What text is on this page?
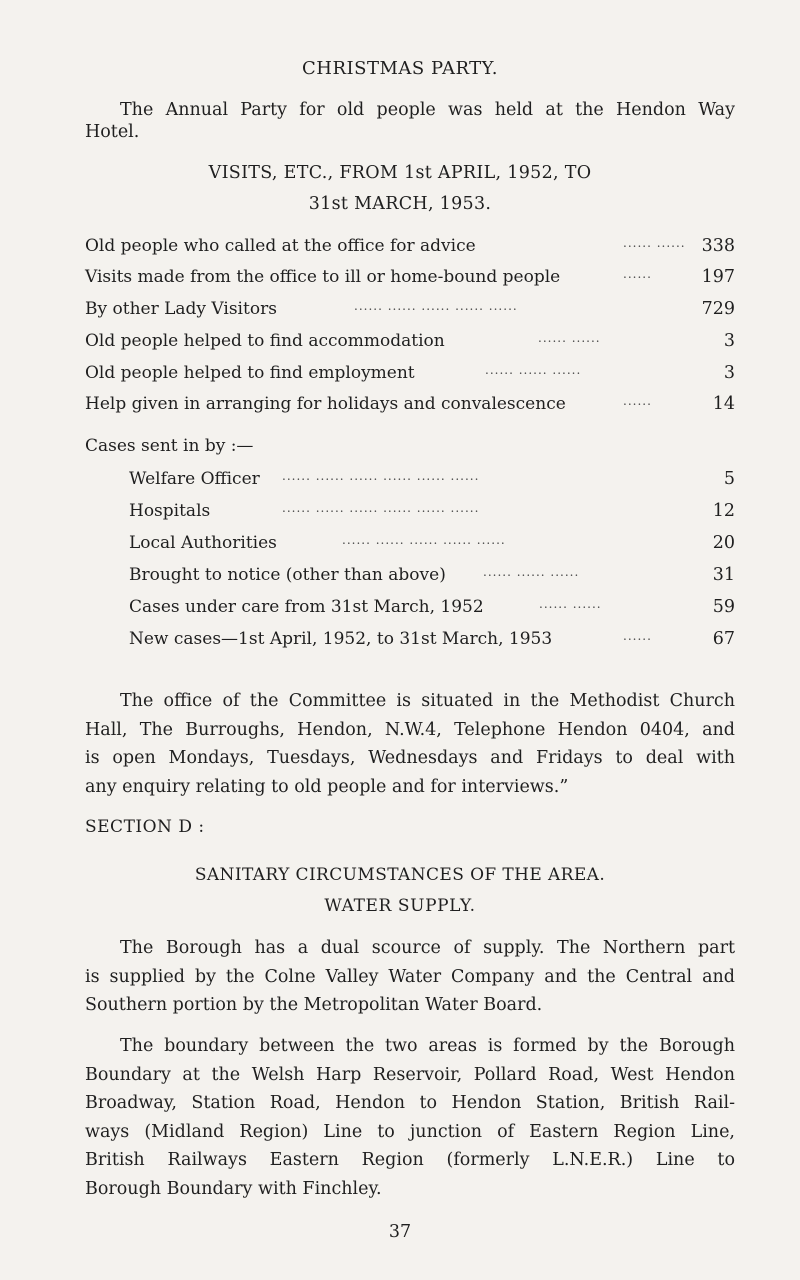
CHRISTMAS PARTY.
The Annual Party for old people was held at the Hendon Way
Hotel.
VISITS, ETC., FROM 1st APRIL, 1952, TO
31st MARCH, 1953.
Old people who called at the office for advice	...... ...... 338
Visits made from the office to ill or home-bound people	......	197
By other Lady Visitors	...... ...... ...... ...... ......	729
Old people helped to find accommodation	...... ......	3
Old people helped to find employment	...... ...... ......	3
Help given in arranging for holidays and convalescence	......	14
Cases sent in by :—
Welfare Officer ...... ...... ...... ...... ...... ......	5
Hospitals	...... ...... ...... ...... ...... ......	12
Local Authorities	...... ...... ...... ...... ......	20
Brought to notice (other than above)	...... ...... ......	31
Cases under care from 31st March, 1952	...... ......	59
New cases—1st April, 1952, to 31st March, 1953	......	67
The office of the Committee is situated in the Methodist Church
Hall, The Burroughs, Hendon, N.W.4, Telephone Hendon 0404, and
is open Mondays, Tuesdays, Wednesdays and Fridays to deal with
any enquiry relating to old people and for interviews.”
SECTION D :
SANITARY CIRCUMSTANCES OF THE AREA.
WATER SUPPLY.
The Borough has a dual scource of supply. The Northern part
is supplied by the Colne Valley Water Company and the Central and
Southern portion by the Metropolitan Water Board.
The boundary between the two areas is formed by the Borough
Boundary at the Welsh Harp Reservoir, Pollard Road, West Hendon
Broadway, Station Road, Hendon to Hendon Station, British Rail-
ways (Midland Region) Line to junction of Eastern Region Line,
British Railways Eastern Region (formerly L.N.E.R.) Line to
Borough Boundary with Finchley.
37
